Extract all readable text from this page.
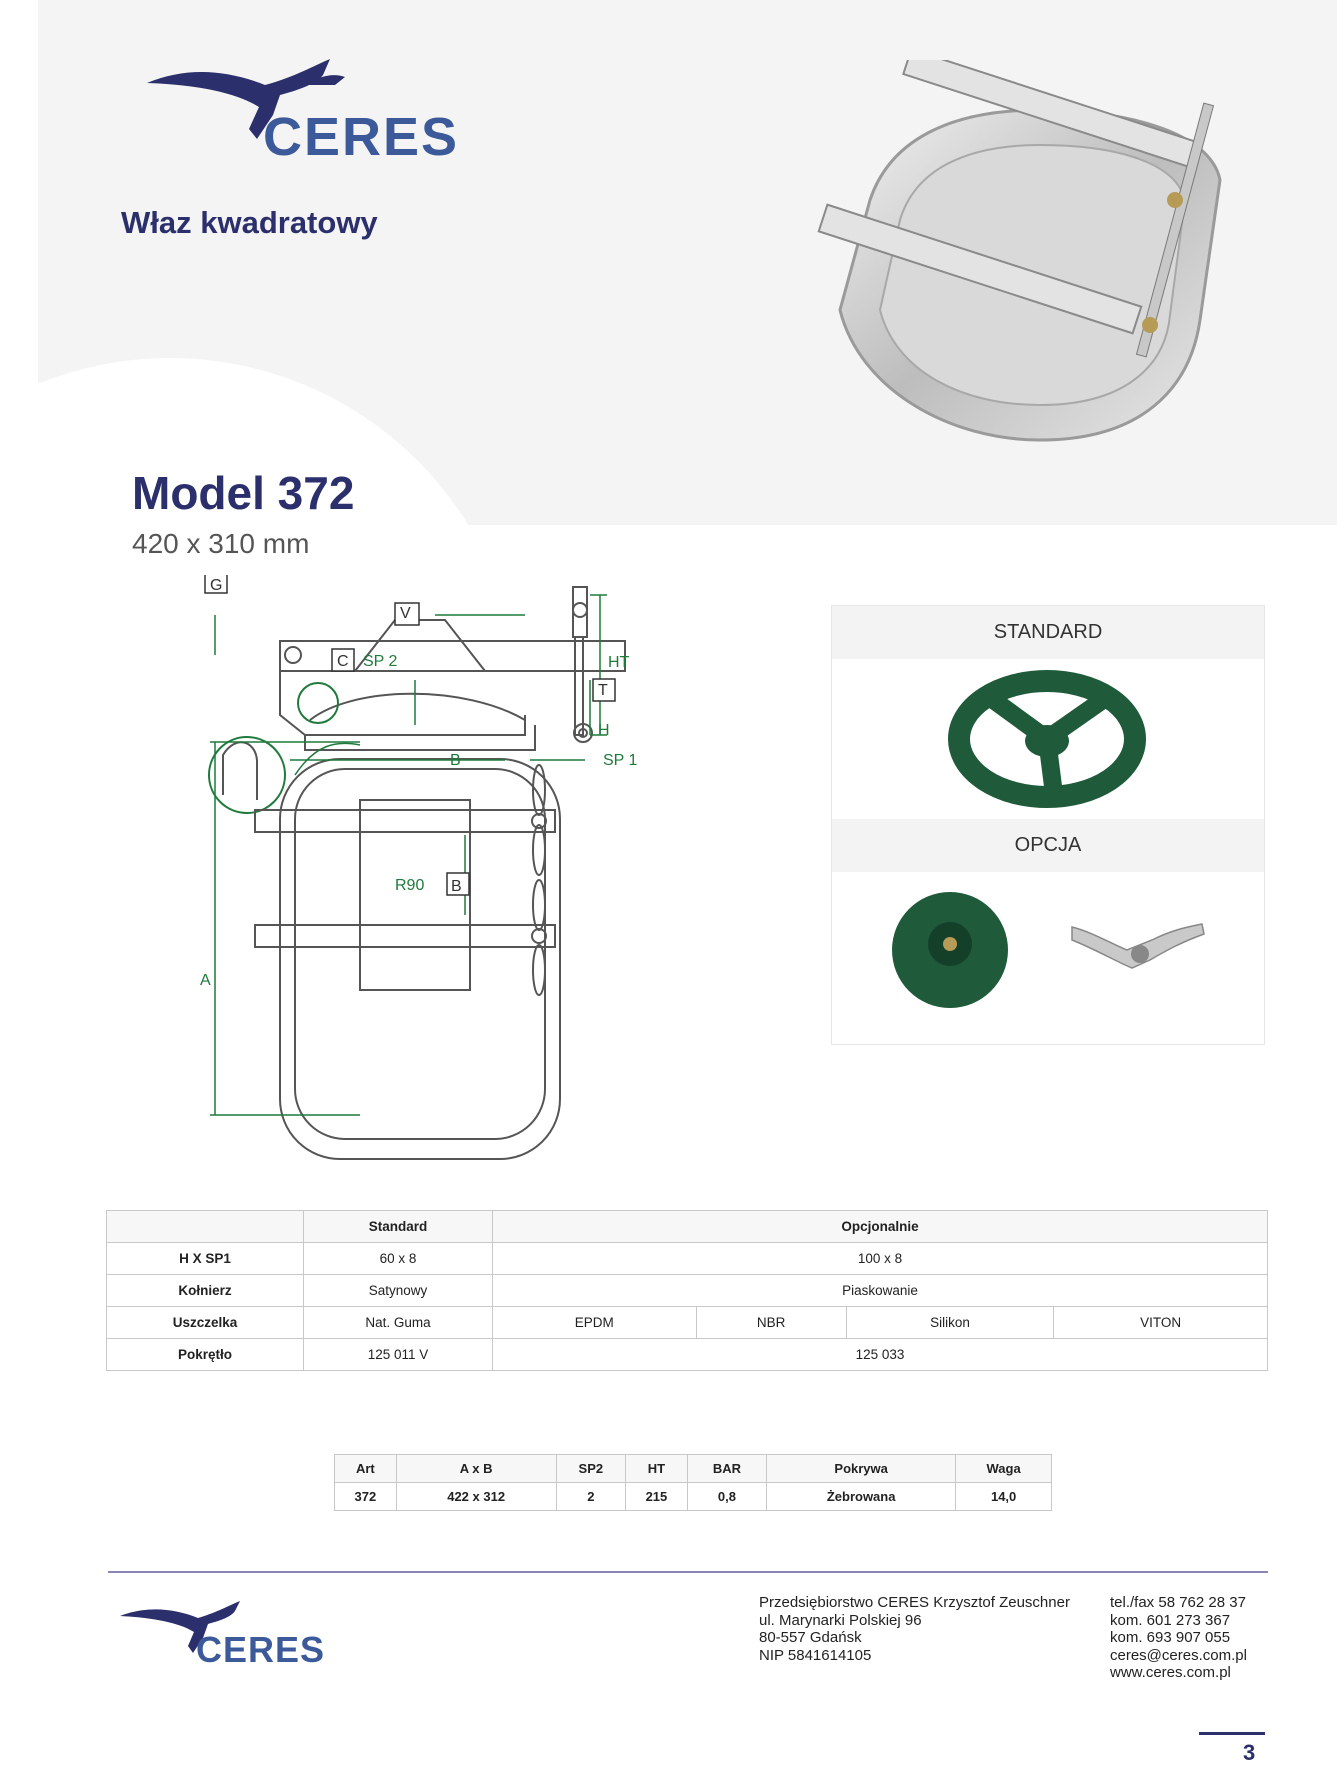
CERES
Właz kwadratowy
Model 372
420 x 310 mm
V
G
HT
H
C SP 2
B	SP 1
T
R90
A
B
STANDARD
OPCJA
	Standard	Opcjonalnie			
H X SP1	60 x 8	100 x 8			
Kołnierz	Satynowy	Piaskowanie			
Uszczelka	Nat. Guma	EPDM	NBR	Silikon	VITON
Pokrętło	125 011 V	125 033			
Art	A x B	SP2	HT	BAR	Pokrywa	Waga
372	422 x 312	2	215	0,8	Żebrowana	14,0
CERES
Przedsiębiorstwo CERES Krzysztof Zeuschner
ul. Marynarki Polskiej 96
80-557 Gdańsk
NIP 5841614105
tel./fax 58 762 28 37
kom. 601 273 367
kom. 693 907 055
ceres@ceres.com.pl
www.ceres.com.pl
3
